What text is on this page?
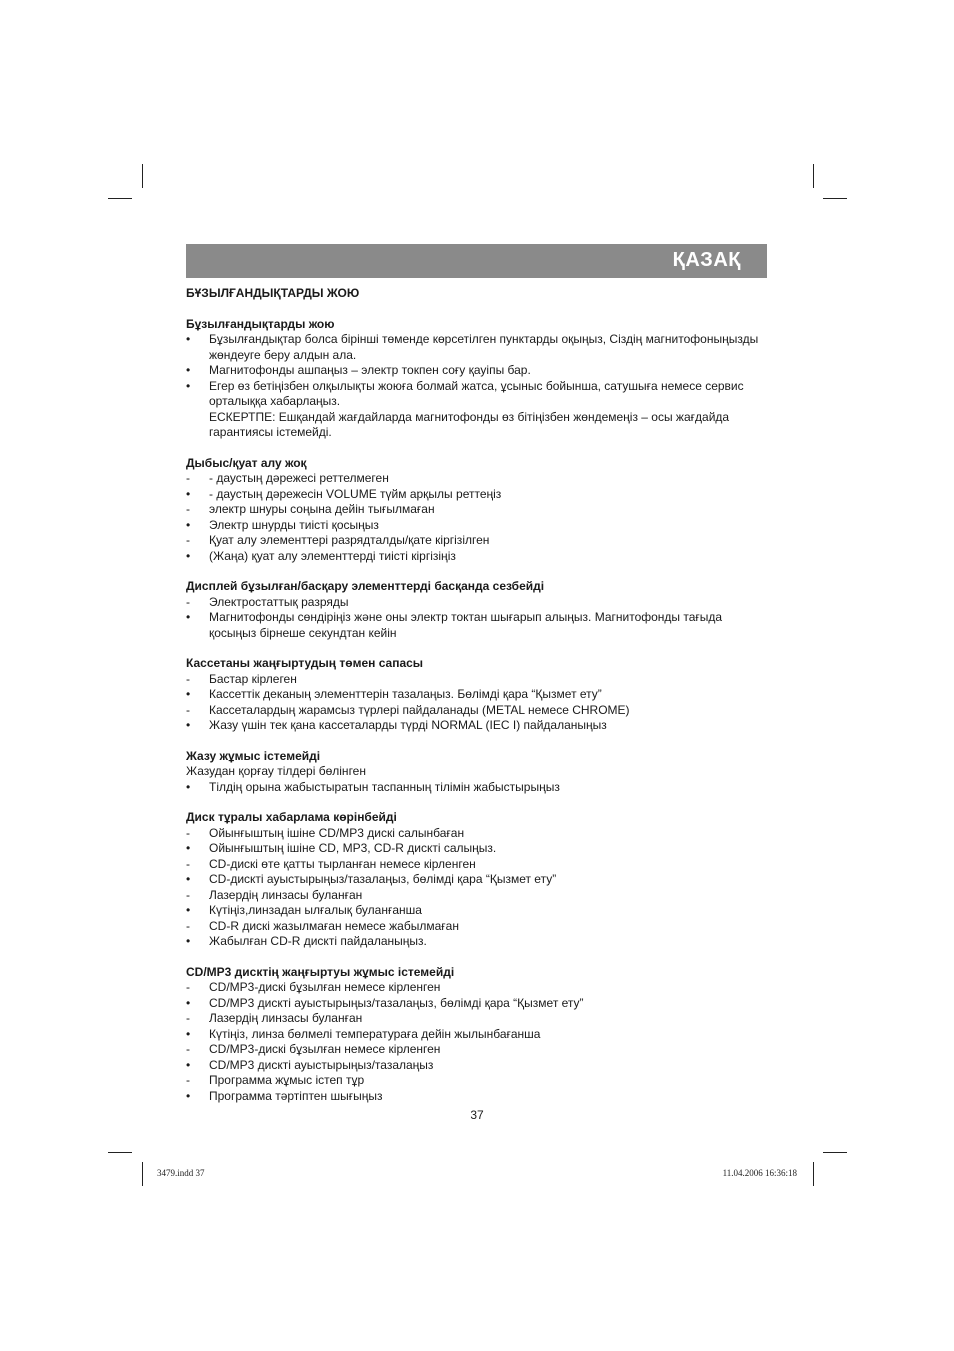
ҚАЗАҚ
БҰЗЫЛҒАНДЫҚТАРДЫ ЖОЮ
Бұзылғандықтарды жою
•	Бұзылғандықтар болса бірінші төменде көрсетілген пунктарды оқыңыз, Сіздің магнитофоныңызды жөндеуге беру алдын ала.
•	Магнитофонды ашпаңыз – электр токпен соғу қауіпы бар.
•	Егер өз бетіңізбен олқылықты жоюға болмай жатса, ұсыныс бойынша, сатушыға немесе сервис орталыққа хабарлаңыз.
ЕСКЕРТПЕ: Ешқандай жағдайларда магнитофонды өз бітіңізбен жөндемеңіз – осы жағдайда гарантиясы істемейді.
Дыбыс/қуат алу жоқ
-	- даустың дәрежесі реттелмеген
•	- даустың дәрежесін VOLUME түйм арқылы реттеңіз
-	электр шнуры соңына дейін тығылмаған
•	Электр шнурды тиісті қосыңыз
-	Қуат алу элементтері разрядталды/қате кіргізілген
•	(Жаңа) қуат алу элементтерді тиісті кіргізіңіз
Дисплей бұзылған/басқару элементтерді басқанда сезбейді
-	Электростаттық разряды
•	Магнитофонды сөндіріңіз және оны электр токтан шығарып алыңыз. Магнитофонды тағыда қосыңыз бірнеше секундтан кейін
Кассетаны жаңғыртудың төмен сапасы
-	Бастар кірлеген
•	Кассеттік деканың элементтерін тазалаңыз. Бөлімді қара “Қызмет ету”
-	Кассеталардың жарамсыз түрлері пайдаланады (METAL немесе CHROME)
•	Жазу үшін тек қана кассеталарды түрді NORMAL (IEC I) пайдаланыңыз
Жазу жұмыс істемейді
Жазудан қорғау тілдері бөлінген
•	Тілдің орына жабыстыратын таспанның тілімін жабыстырыңыз
Диск тұралы хабарлама көрінбейді
-	Ойынғыштың ішіне CD/MP3 дискі салынбаған
•	Ойынғыштың ішіне CD, MP3, CD-R дискті салыңыз.
-	CD-дискі өте қатты тырланған немесе кірленген
•	CD-дискті ауыстырыңыз/тазалаңыз, бөлімді қара “Қызмет ету”
-	Лазердің линзасы буланған
•	Күтіңіз,линзадан ылғалық буланғанша
-	CD-R дискі жазылмаған немесе жабылмаған
•	Жабылған CD-R дискті пайдаланыңыз.
CD/MP3 дисктің жаңғыртуы жұмыс істемейді
-	CD/MP3-дискі бұзылған немесе кірленген
•	CD/MP3 дискті ауыстырыңыз/тазалаңыз, бөлімді қара “Қызмет ету”
-	Лазердің линзасы буланған
•	Күтіңіз, линза бөлмелі температураға дейін жылынбағанша
-	CD/MP3-дискі бұзылған немесе кірленген
•	CD/MP3 дискті ауыстырыңыз/тазалаңыз
-	Программа жұмыс істеп тұр
•	Программа тәртіптен шығыңыз
37
3479.indd 37	11.04.2006 16:36:18
